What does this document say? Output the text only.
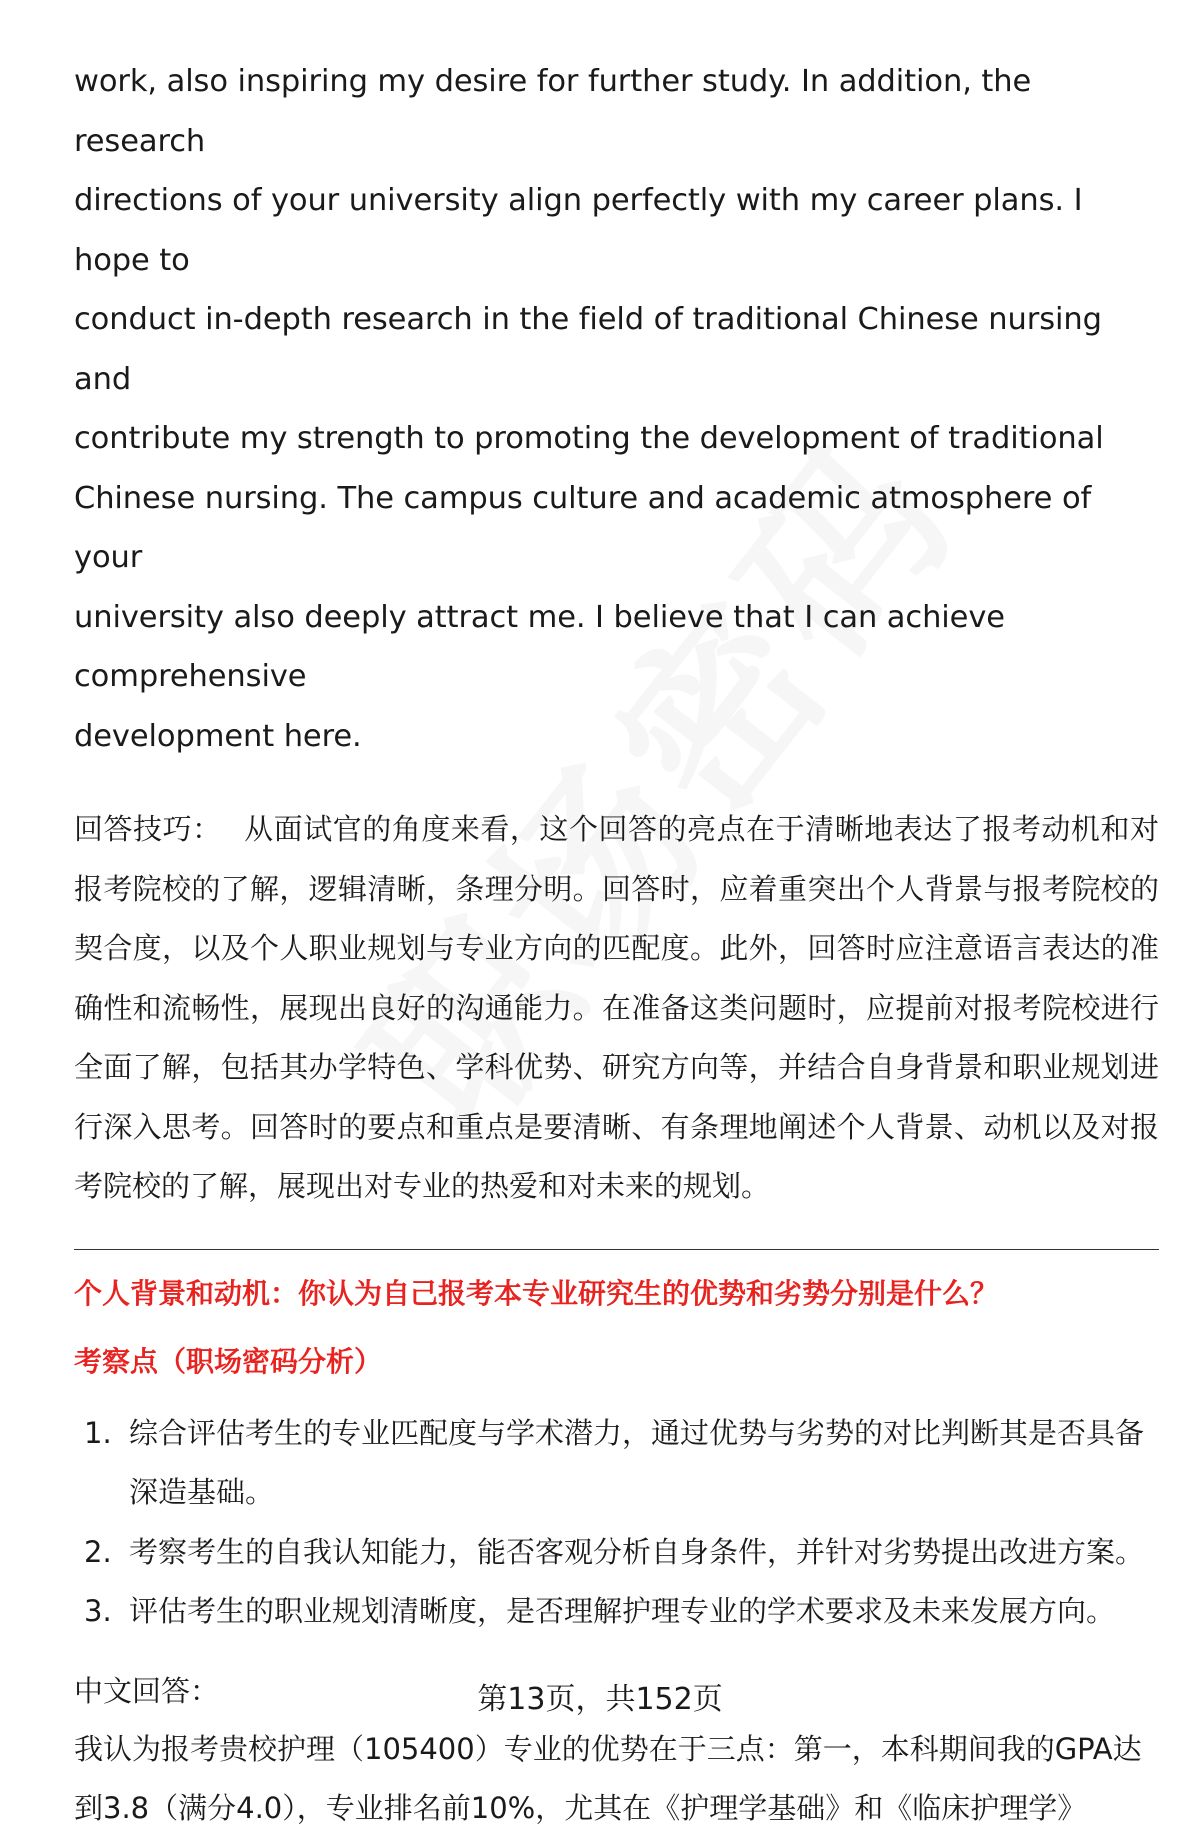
work, also inspiring my desire for further study. In addition, the research
directions of your university align perfectly with my career plans. I hope to
conduct in-depth research in the field of traditional Chinese nursing and
contribute my strength to promoting the development of traditional
Chinese nursing. The campus culture and academic atmosphere of your
university also deeply attract me. I believe that I can achieve comprehensive
development here.

回答技巧： 从面试官的角度来看，这个回答的亮点在于清晰地表达了报考动机和对报考院校的了解，逻辑清晰，条理分明。回答时，应着重突出个人背景与报考院校的契合度，以及个人职业规划与专业方向的匹配度。此外，回答时应注意语言表达的准确性和流畅性，展现出良好的沟通能力。在准备这类问题时，应提前对报考院校进行全面了解，包括其办学特色、学科优势、研究方向等，并结合自身背景和职业规划进行深入思考。回答时的要点和重点是要清晰、有条理地阐述个人背景、动机以及对报考院校的了解，展现出对专业的热爱和对未来的规划。

个人背景和动机：你认为自己报考本专业研究生的优势和劣势分别是什么？
考察点（职场密码分析）
1. 综合评估考生的专业匹配度与学术潜力，通过优势与劣势的对比判断其是否具备深造基础。
2. 考察考生的自我认知能力，能否客观分析自身条件，并针对劣势提出改进方案。
3. 评估考生的职业规划清晰度，是否理解护理专业的学术要求及未来发展方向。
中文回答：

我认为报考贵校护理（105400）专业的优势在于三点：第一，本科期间我的GPA达到3.8（满分4.0），专业排名前10%，尤其在《护理学基础》和《临床护理学》

第13页，共152页
